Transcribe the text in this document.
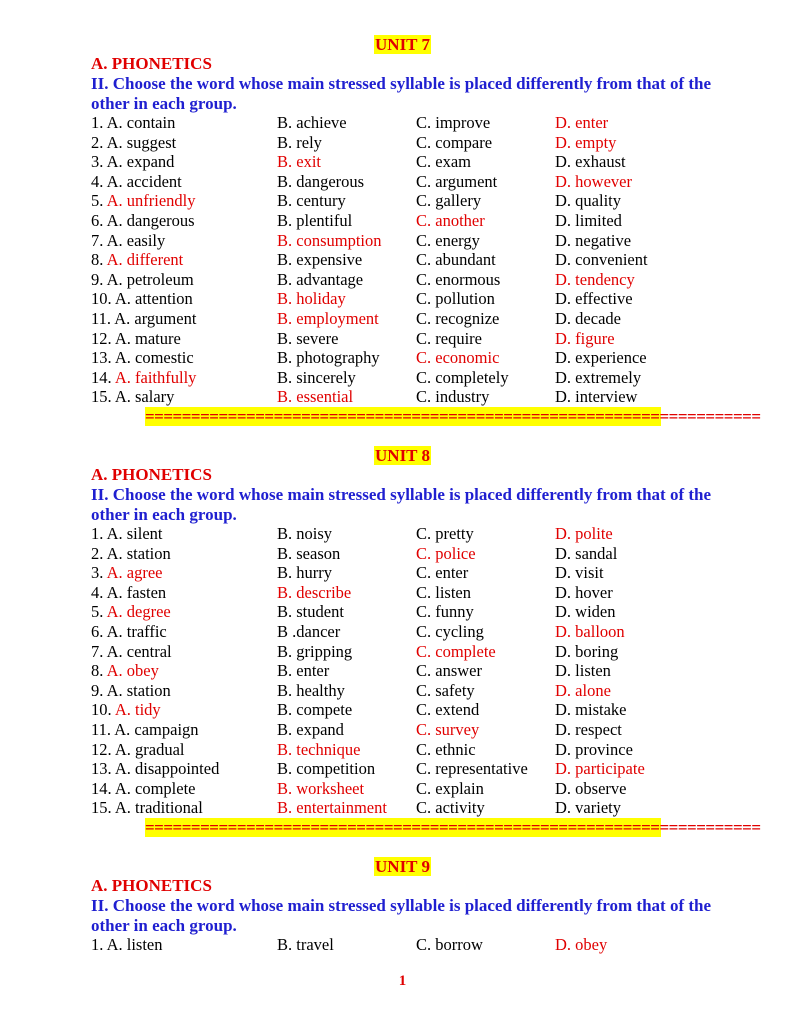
UNIT 7
A. PHONETICS
II. Choose the word whose main stressed syllable is placed differently from that of the other in each group.
1. A. contain	B. achieve	C. improve	D. enter
2. A. suggest	B. rely	C. compare	D. empty
3. A. expand	B. exit	C. exam	D. exhaust
4. A. accident	B. dangerous	C. argument	D. however
5. A. unfriendly	B. century	C. gallery	D. quality
6. A. dangerous	B. plentiful	C. another	D. limited
7. A. easily	B. consumption C. energy	D. negative
8. A. different	B. expensive	C. abundant	D. convenient
9. A. petroleum	B. advantage	C. enormous	D. tendency
10. A. attention	B. holiday	C. pollution	D. effective
11. A. argument	B. employment C. recognize	D. decade
12. A. mature	B. severe	C. require	D. figure
13. A. comestic	B. photography C. economic	D. experience
14. A. faithfully	B. sincerely	C. completely	D. extremely
15. A. salary	B. essential	C. industry	D. interview
===================================================================
UNIT 8
A. PHONETICS
II. Choose the word whose main stressed syllable is placed differently from that of the other in each group.
1. A. silent	B. noisy	C. pretty	D. polite
2. A. station	B. season	C. police	D. sandal
3. A. agree	B. hurry	C. enter	D. visit
4. A. fasten	B. describe	C. listen	D. hover
5. A. degree	B. student	C. funny	D. widen
6. A. traffic	B .dancer	C. cycling	D. balloon
7. A. central	B. gripping	C. complete	D. boring
8. A. obey	B. enter	C. answer	D. listen
9. A. station	B. healthy	C. safety	D. alone
10. A. tidy	B. compete	C. extend	D. mistake
11. A. campaign	B. expand	C. survey	D. respect
12. A. gradual	B. technique	C. ethnic	D. province
13. A. disappointed	B. competition C. representative D. participate
14. A. complete	B. worksheet	C. explain	D. observe
15. A. traditional	B. entertainment C. activity	D. variety
===================================================================
UNIT 9
A. PHONETICS
II. Choose the word whose main stressed syllable is placed differently from that of the other in each group.
1. A. listen	B. travel	C. borrow	D. obey
1
